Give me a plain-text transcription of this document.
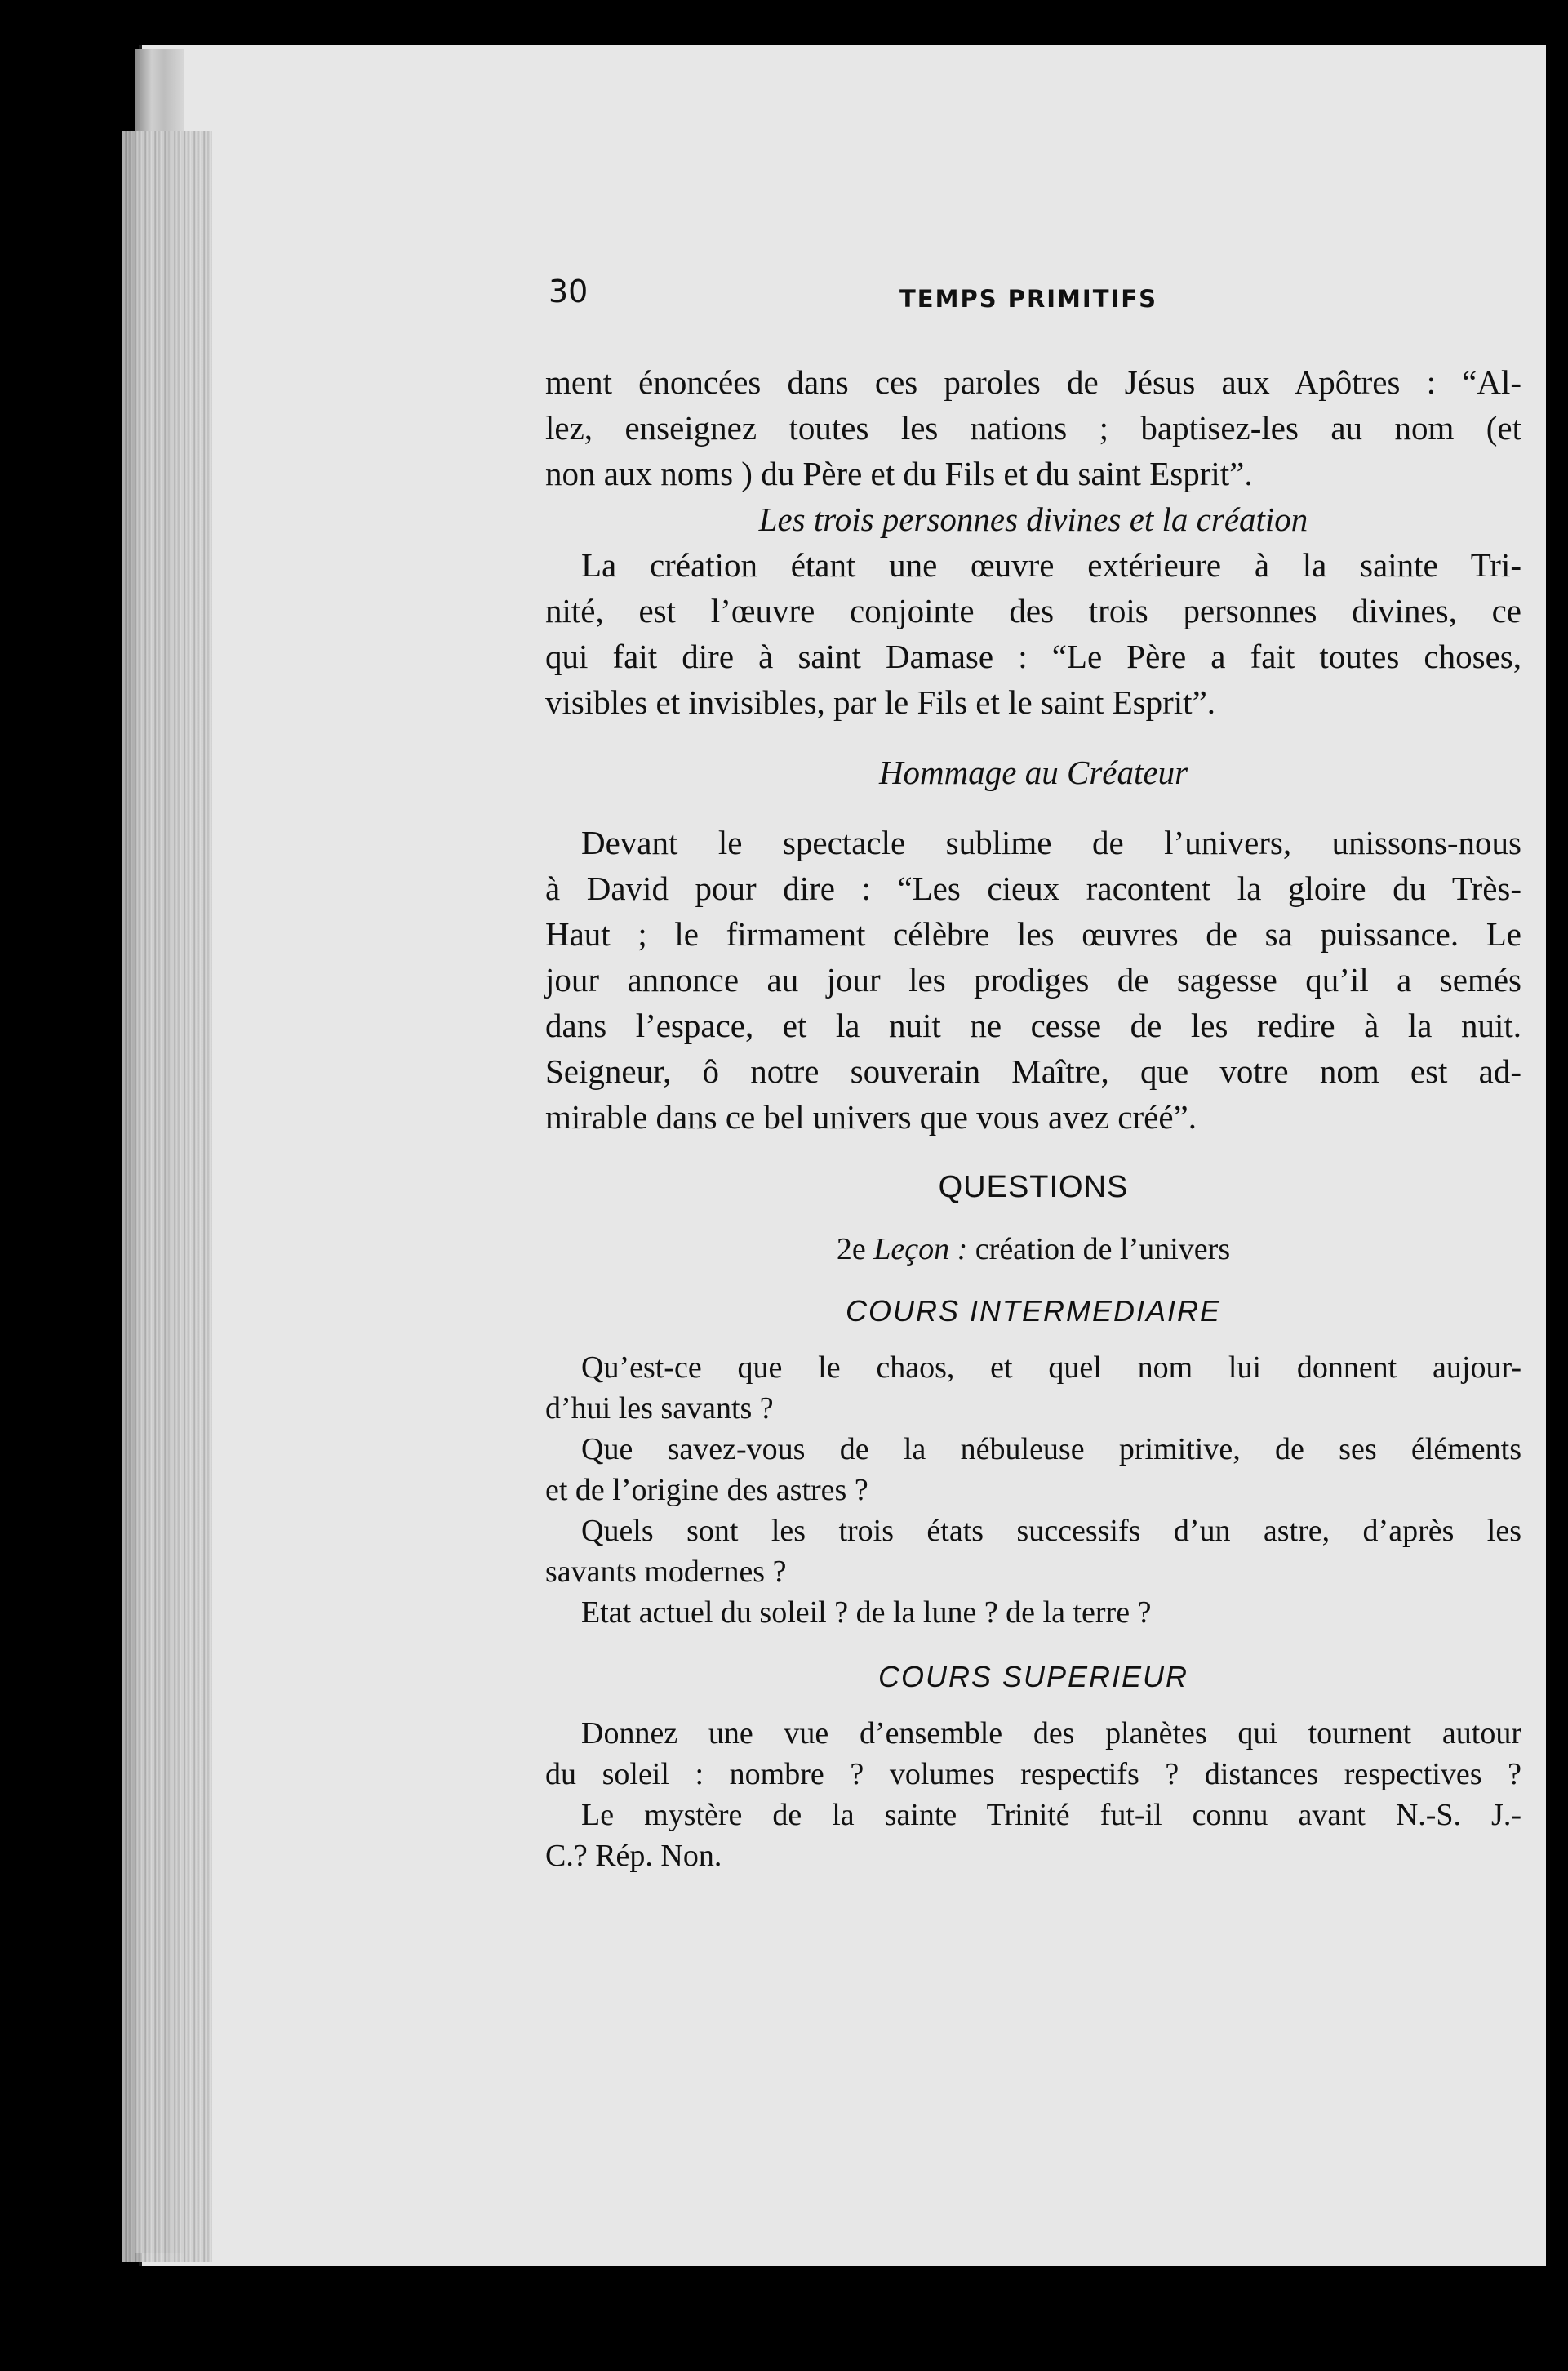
30	TEMPS PRIMITIFS
ment énoncées dans ces paroles de Jésus aux Apôtres : “Al-
lez, enseignez toutes les nations ; baptisez-les au nom (et
non aux noms ) du Père et du Fils et du saint Esprit”.
Les trois personnes divines et la création
La création étant une œuvre extérieure à la sainte Tri-
nité, est l’œuvre conjointe des trois personnes divines, ce
qui fait dire à saint Damase : “Le Père a fait toutes choses,
visibles et invisibles, par le Fils et le saint Esprit”.
Hommage au Créateur
Devant le spectacle sublime de l’univers, unissons-nous
à David pour dire : “Les cieux racontent la gloire du Très-
Haut ; le firmament célèbre les œuvres de sa puissance. Le
jour annonce au jour les prodiges de sagesse qu’il a semés
dans l’espace, et la nuit ne cesse de les redire à la nuit.
Seigneur, ô notre souverain Maître, que votre nom est ad-
mirable dans ce bel univers que vous avez créé”.
QUESTIONS
2e Leçon : création de l’univers
COURS INTERMEDIAIRE
Qu’est-ce que le chaos, et quel nom lui donnent aujour-
d’hui les savants ?
Que savez-vous de la nébuleuse primitive, de ses éléments
et de l’origine des astres ?
Quels sont les trois états successifs d’un astre, d’après les
savants modernes ?
Etat actuel du soleil ? de la lune ? de la terre ?
COURS SUPERIEUR
Donnez une vue d’ensemble des planètes qui tournent autour
du soleil : nombre ? volumes respectifs ? distances respectives ?
Le mystère de la sainte Trinité fut-il connu avant N.-S. J.-
C.? Rép. Non.
